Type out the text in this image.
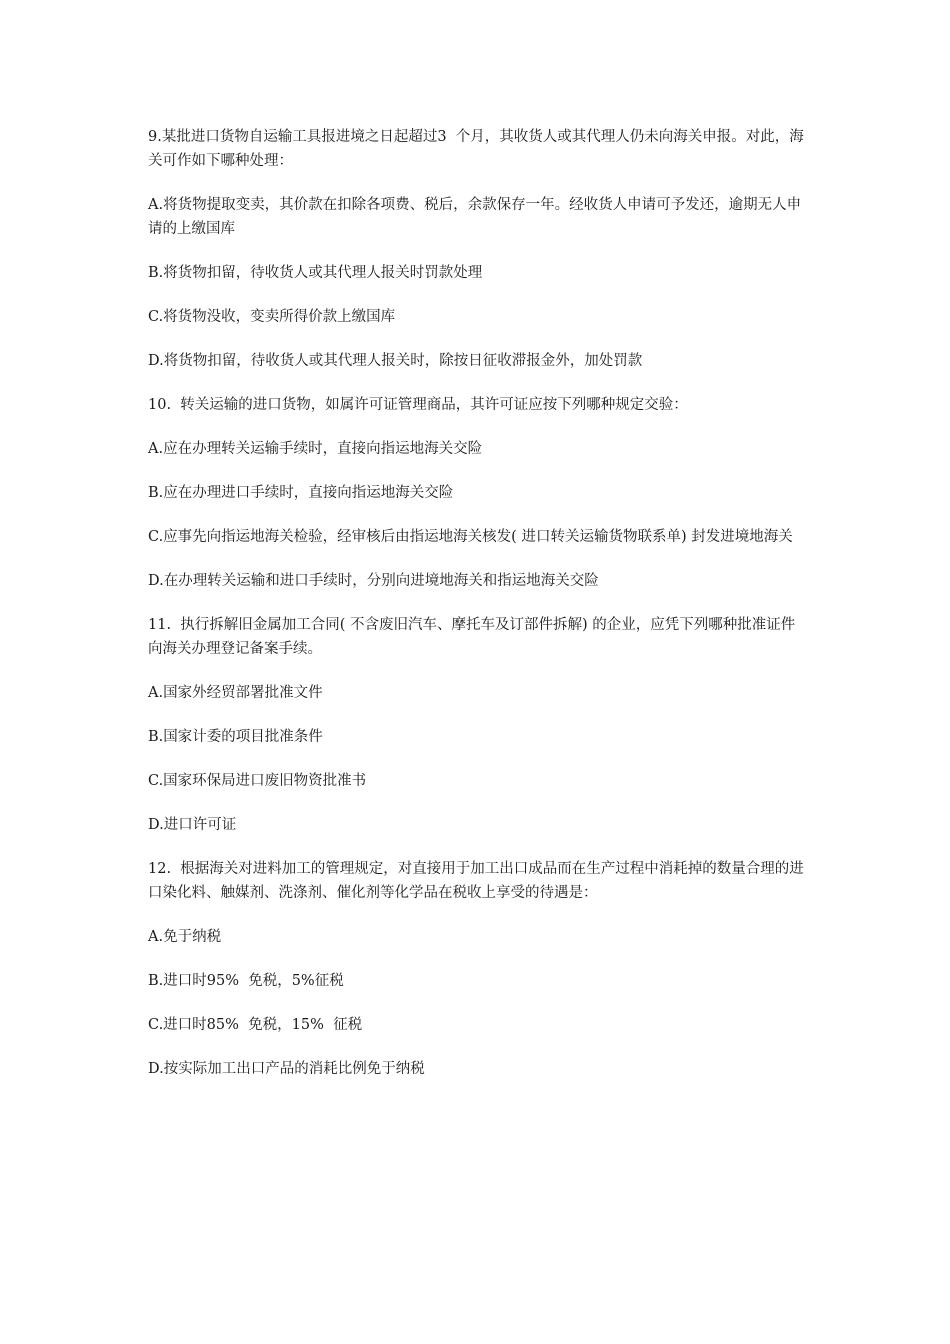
9.某批进口货物自运输工具报进境之日起超过3  个月，其收货人或其代理人仍未向海关申报。对此，海关可作如下哪种处理：

A.将货物提取变卖，其价款在扣除各项费、税后，余款保存一年。经收货人申请可予发还，逾期无人申请的上缴国库

B.将货物扣留，待收货人或其代理人报关时罚款处理

C.将货物没收，变卖所得价款上缴国库

D.将货物扣留，待收货人或其代理人报关时，除按日征收滞报金外，加处罚款

10.  转关运输的进口货物，如属许可证管理商品，其许可证应按下列哪种规定交验：

A.应在办理转关运输手续时，直接向指运地海关交险

B.应在办理进口手续时，直接向指运地海关交险

C.应事先向指运地海关检验，经审核后由指运地海关核发( 进口转关运输货物联系单) 封发进境地海关

D.在办理转关运输和进口手续时，分别向进境地海关和指运地海关交险

11.  执行拆解旧金属加工合同( 不含废旧汽车、摩托车及订部件拆解) 的企业，应凭下列哪种批准证件向海关办理登记备案手续。

A.国家外经贸部署批准文件

B.国家计委的项目批准条件

C.国家环保局进口废旧物资批准书

D.进口许可证

12.  根据海关对进料加工的管理规定，对直接用于加工出口成品而在生产过程中消耗掉的数量合理的进口染化料、触媒剂、洗涤剂、催化剂等化学品在税收上享受的待遇是：

A.免于纳税

B.进口时95%  免税，5%征税

C.进口时85%  免税，15%  征税

D.按实际加工出口产品的消耗比例免于纳税
